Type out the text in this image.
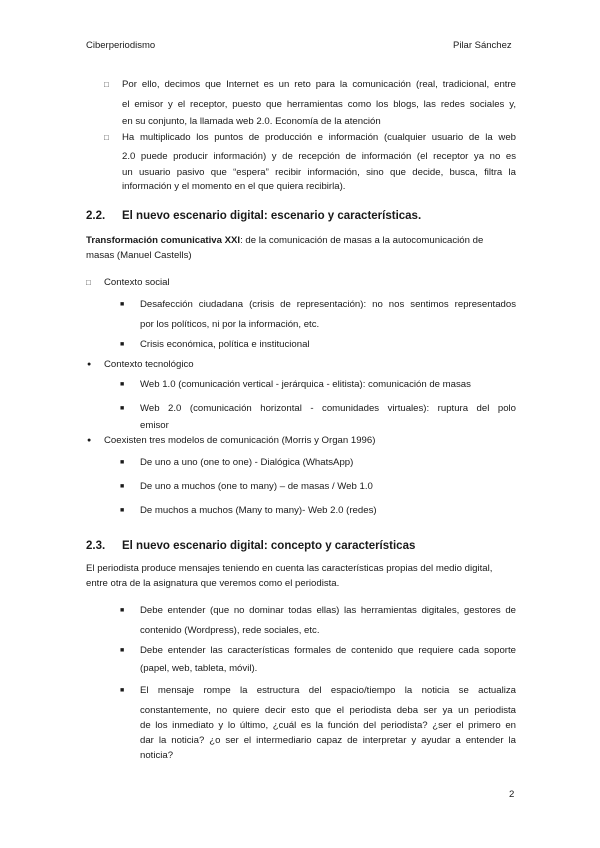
Ciberperiodismo	Pilar Sánchez
□ Por ello, decimos que Internet es un reto para la comunicación (real, tradicional, entre
el emisor y el receptor, puesto que herramientas como los blogs, las redes sociales y,
en su conjunto, la llamada web 2.0. Economía de la atención
□ Ha multiplicado los puntos de producción e información (cualquier usuario de la web
2.0 puede producir información) y de recepción de información (el receptor ya no es
un usuario pasivo que “espera” recibir información, sino que decide, busca, filtra la
información y el momento en el que quiera recibirla).
2.2. El nuevo escenario digital: escenario y características.
Transformación comunicativa XXI: de la comunicación de masas a la autocomunicación de
masas (Manuel Castells)
□ Contexto social
■ Desafección ciudadana (crisis de representación): no nos sentimos representados
por los políticos, ni por la información, etc.
■ Crisis económica, política e institucional
● Contexto tecnológico
■ Web 1.0 (comunicación vertical - jerárquica - elitista): comunicación de masas
■ Web 2.0 (comunicación horizontal - comunidades virtuales): ruptura del polo
emisor
● Coexisten tres modelos de comunicación (Morris y Organ 1996)
■ De uno a uno (one to one) - Dialógica (WhatsApp)
■ De uno a muchos (one to many) – de masas / Web 1.0
■ De muchos a muchos (Many to many)- Web 2.0 (redes)
2.3. El nuevo escenario digital: concepto y características
El periodista produce mensajes teniendo en cuenta las características propias del medio digital,
entre otra de la asignatura que veremos como el periodista.
■ Debe entender (que no dominar todas ellas) las herramientas digitales, gestores de
contenido (Wordpress), rede sociales, etc.
■ Debe entender las características formales de contenido que requiere cada soporte
(papel, web, tableta, móvil).
■ El mensaje rompe la estructura del espacio/tiempo la noticia se actualiza
constantemente, no quiere decir esto que el periodista deba ser ya un periodista
de los inmediato y lo último, ¿cuál es la función del periodista? ¿ser el primero en
dar la noticia? ¿o ser el intermediario capaz de interpretar y ayudar a entender la
noticia?
2
